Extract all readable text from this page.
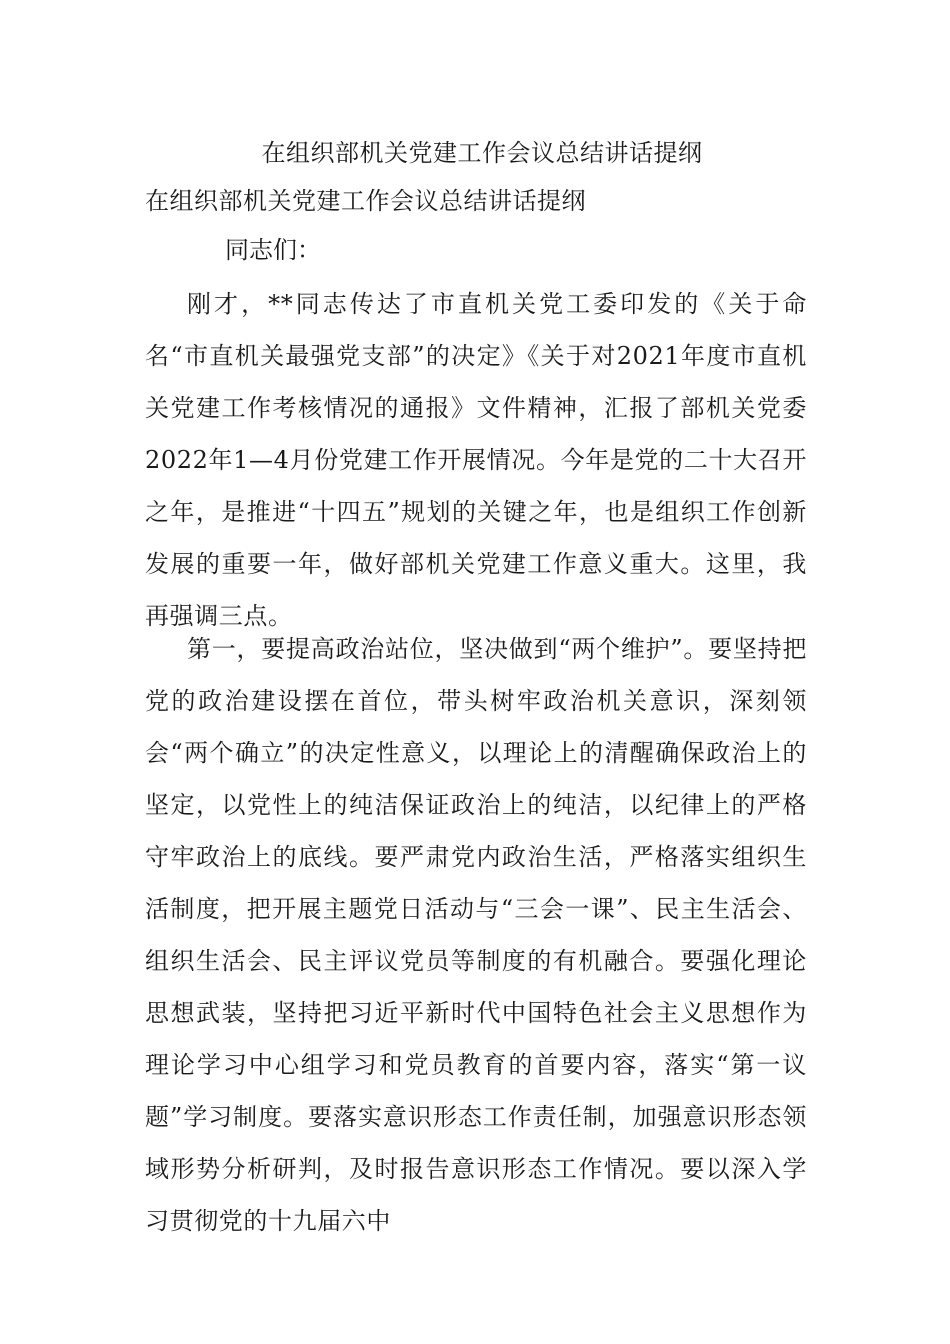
在组织部机关党建工作会议总结讲话提纲
在组织部机关党建工作会议总结讲话提纲
同志们：
刚才，**同志传达了市直机关党工委印发的《关于命名“市直机关最强党支部”的决定》《关于对2021年度市直机关党建工作考核情况的通报》文件精神，汇报了部机关党委2022年1—4月份党建工作开展情况。今年是党的二十大召开之年，是推进“十四五”规划的关键之年，也是组织工作创新发展的重要一年，做好部机关党建工作意义重大。这里，我再强调三点。
第一，要提高政治站位，坚决做到“两个维护”。要坚持把党的政治建设摆在首位，带头树牢政治机关意识，深刻领会“两个确立”的决定性意义，以理论上的清醒确保政治上的坚定，以党性上的纯洁保证政治上的纯洁，以纪律上的严格守牢政治上的底线。要严肃党内政治生活，严格落实组织生活制度，把开展主题党日活动与“三会一课”、民主生活会、组织生活会、民主评议党员等制度的有机融合。要强化理论思想武装，坚持把习近平新时代中国特色社会主义思想作为理论学习中心组学习和党员教育的首要内容，落实“第一议题”学习制度。要落实意识形态工作责任制，加强意识形态领域形势分析研判，及时报告意识形态工作情况。要以深入学习贯彻党的十九届六中
